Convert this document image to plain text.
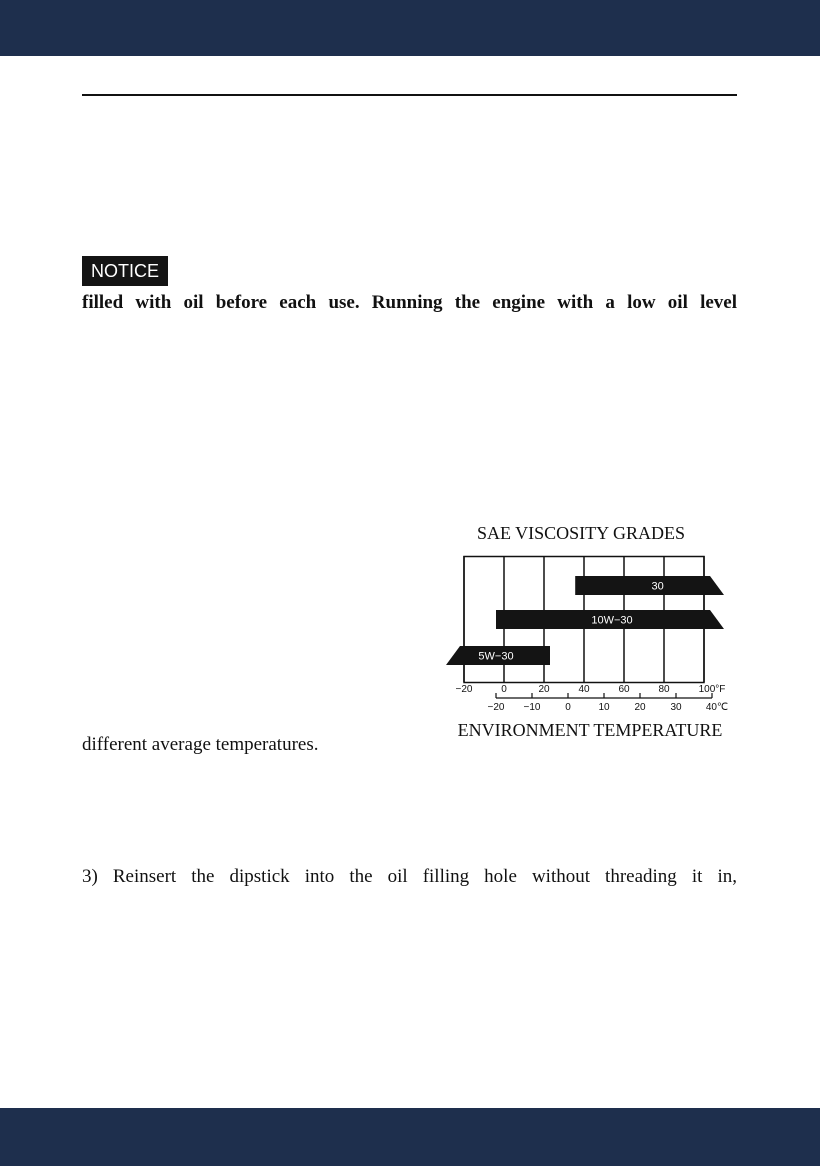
NOTICE
filled with oil before each use. Running the engine with a low oil level
SAE VISCOSITY GRADES
30
10W−30
5W−30
−20	0	20	40	60	80	100°F
−20 −10 0	10 20 30 40℃
ENVIRONMENT TEMPERATURE
different average temperatures.
3) Reinsert the dipstick into the oil filling hole without threading it in,
